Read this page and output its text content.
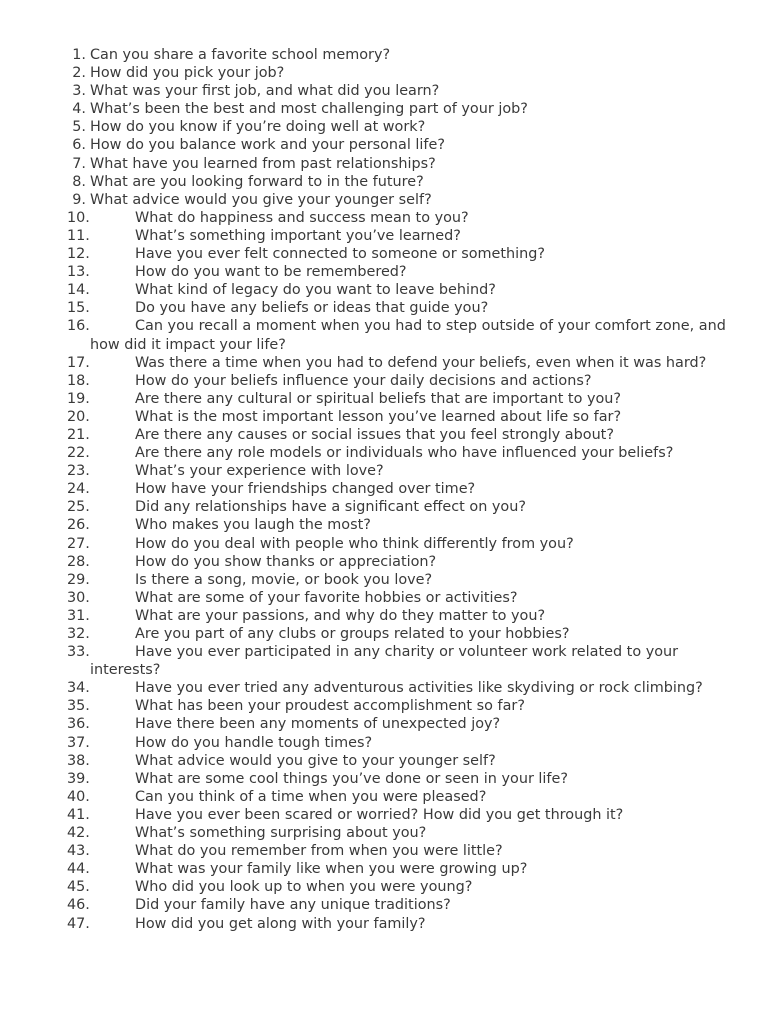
1. Can you share a favorite school memory?
2. How did you pick your job?
3. What was your first job, and what did you learn?
4. What’s been the best and most challenging part of your job?
5. How do you know if you’re doing well at work?
6. How do you balance work and your personal life?
7. What have you learned from past relationships?
8. What are you looking forward to in the future?
9. What advice would you give your younger self?
10.	What do happiness and success mean to you?
11.	What’s something important you’ve learned?
12.	Have you ever felt connected to someone or something?
13.	How do you want to be remembered?
14.	What kind of legacy do you want to leave behind?
15.	Do you have any beliefs or ideas that guide you?
16.	Can you recall a moment when you had to step outside of your comfort zone, and how did it impact your life?
17.	Was there a time when you had to defend your beliefs, even when it was hard?
18.	How do your beliefs influence your daily decisions and actions?
19.	Are there any cultural or spiritual beliefs that are important to you?
20.	What is the most important lesson you’ve learned about life so far?
21.	Are there any causes or social issues that you feel strongly about?
22.	Are there any role models or individuals who have influenced your beliefs?
23.	What’s your experience with love?
24.	How have your friendships changed over time?
25.	Did any relationships have a significant effect on you?
26.	Who makes you laugh the most?
27.	How do you deal with people who think differently from you?
28.	How do you show thanks or appreciation?
29.	Is there a song, movie, or book you love?
30.	What are some of your favorite hobbies or activities?
31.	What are your passions, and why do they matter to you?
32.	Are you part of any clubs or groups related to your hobbies?
33.	Have you ever participated in any charity or volunteer work related to your interests?
34.	Have you ever tried any adventurous activities like skydiving or rock climbing?
35.	What has been your proudest accomplishment so far?
36.	Have there been any moments of unexpected joy?
37.	How do you handle tough times?
38.	What advice would you give to your younger self?
39.	What are some cool things you’ve done or seen in your life?
40.	Can you think of a time when you were pleased?
41.	Have you ever been scared or worried? How did you get through it?
42.	What’s something surprising about you?
43.	What do you remember from when you were little?
44.	What was your family like when you were growing up?
45.	Who did you look up to when you were young?
46.	Did your family have any unique traditions?
47.	How did you get along with your family?
